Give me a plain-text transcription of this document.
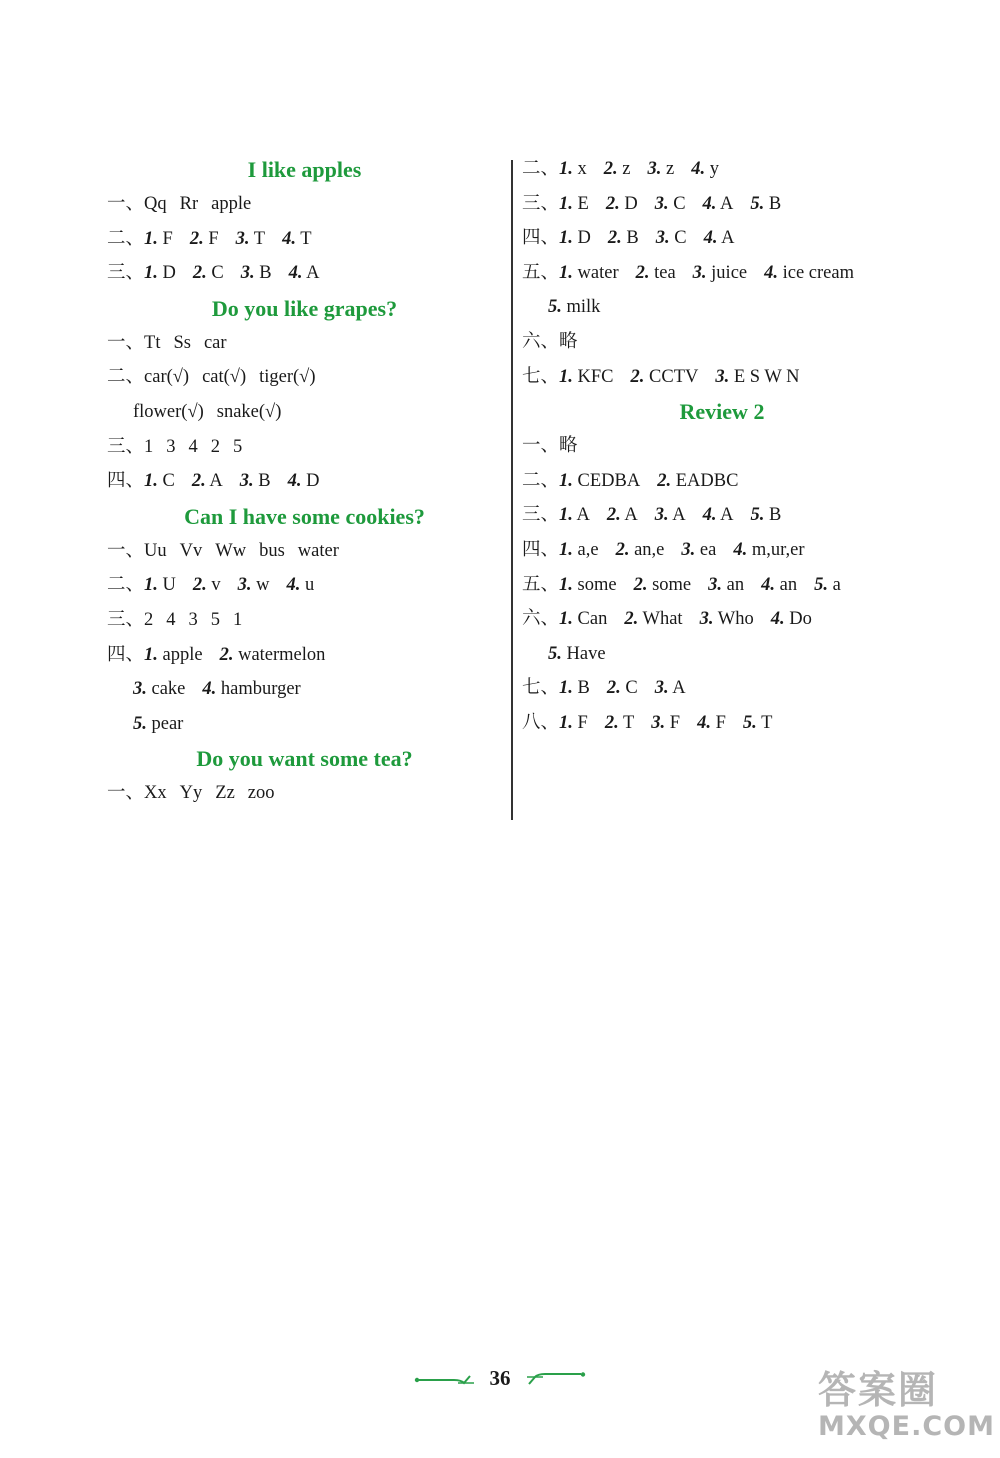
I like apples
一、Qq Rr apple
二、1. F 2. F 3. T 4. T
三、1. D 2. C 3. B 4. A
Do you like grapes?
一、Tt Ss car
二、car(√) cat(√) tiger(√)
flower(√) snake(√)
三、1 3 4 2 5
四、1. C 2. A 3. B 4. D
Can I have some cookies?
一、Uu Vv Ww bus water
二、1. U 2. v 3. w 4. u
三、2 4 3 5 1
四、1. apple 2. watermelon
3. cake 4. hamburger
5. pear
Do you want some tea?
一、Xx Yy Zz zoo
二、1. x 2. z 3. z 4. y
三、1. E 2. D 3. C 4. A 5. B
四、1. D 2. B 3. C 4. A
五、1. water 2. tea 3. juice 4. ice cream
5. milk
六、略
七、1. KFC 2. CCTV 3. E S W N
Review 2
一、略
二、1. CEDBA 2. EADBC
三、1. A 2. A 3. A 4. A 5. B
四、1. a,e 2. an,e 3. ea 4. m,ur,er
五、1. some 2. some 3. an 4. an 5. a
六、1. Can 2. What 3. Who 4. Do
5. Have
七、1. B 2. C 3. A
八、1. F 2. T 3. F 4. F 5. T
36	答案圈
MXQE.COM
